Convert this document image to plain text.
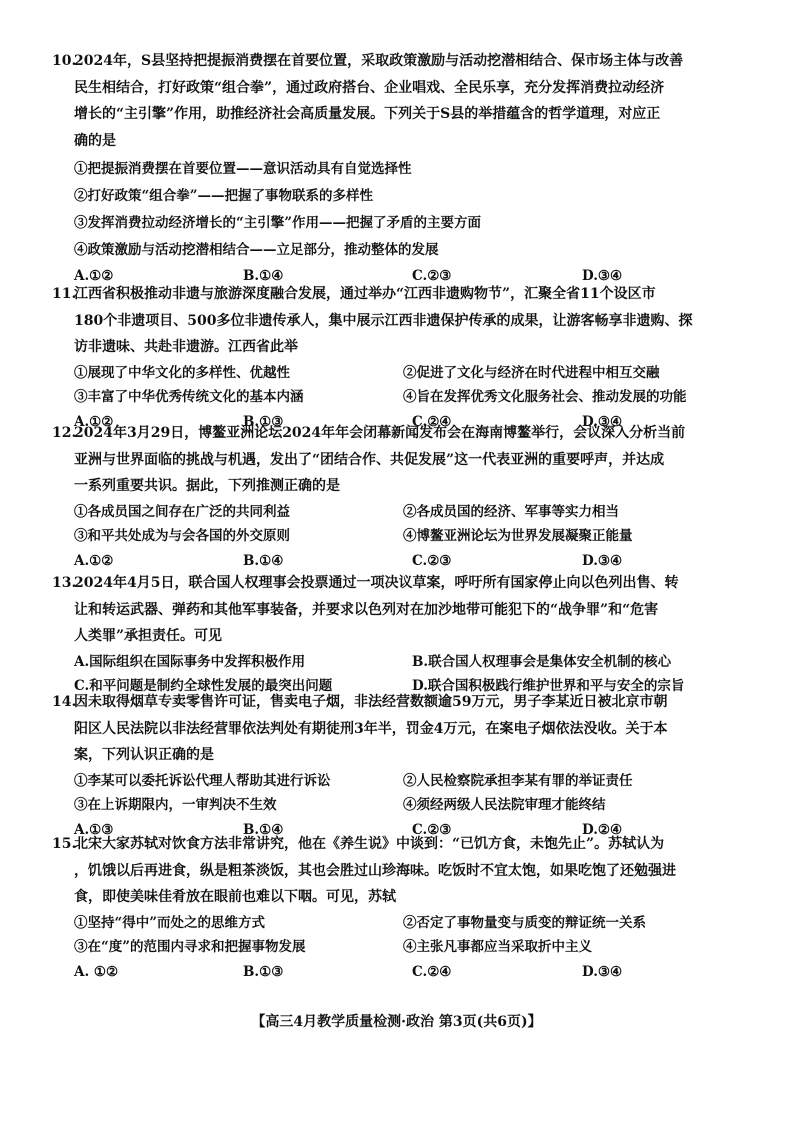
10.2024年，S县坚持把提振消费摆在首要位置，采取政策激励与活动挖潜相结合、保市场主体与改善

民生相结合，打好政策“组合拳”，通过政府搭台、企业唱戏、全民乐享，充分发挥消费拉动经济

增长的“主引擎”作用，助推经济社会高质量发展。下列关于S县的举措蕴含的哲学道理，对应正

确的是

①把提振消费摆在首要位置——意识活动具有自觉选择性
②打好政策“组合拳”——把握了事物联系的多样性
③发挥消费拉动经济增长的“主引擎”作用——把握了矛盾的主要方面
④政策激励与活动挖潜相结合——立足部分，推动整体的发展
A.①②	B.①④	C.②③	D.③④

11.江西省积极推动非遗与旅游深度融合发展，通过举办“江西非遗购物节”，汇聚全省11个设区市

180个非遗项目、500多位非遗传承人，集中展示江西非遗保护传承的成果，让游客畅享非遗购、探

访非遗味、共赴非遗游。江西省此举

①展现了中华文化的多样性、优越性	②促进了文化与经济在时代进程中相互交融
③丰富了中华优秀传统文化的基本内涵	④旨在发挥优秀文化服务社会、推动发展的功能
A.①②	B.①③	C.②④	D.③④

12.2024年3月29日，博鳌亚洲论坛2024年年会闭幕新闻发布会在海南博鳌举行，会议深入分析当前

亚洲与世界面临的挑战与机遇，发出了“团结合作、共促发展”这一代表亚洲的重要呼声，并达成

一系列重要共识。据此，下列推测正确的是

①各成员国之间存在广泛的共同利益	②各成员国的经济、军事等实力相当
③和平共处成为与会各国的外交原则	④博鳌亚洲论坛为世界发展凝聚正能量
A.①②	B.①④	C.②③	D.③④

13.2024年4月5日，联合国人权理事会投票通过一项决议草案，呼吁所有国家停止向以色列出售、转

让和转运武器、弹药和其他军事装备，并要求以色列对在加沙地带可能犯下的“战争罪”和“危害

人类罪”承担责任。可见

A.国际组织在国际事务中发挥积极作用	B.联合国人权理事会是集体安全机制的核心
C.和平问题是制约全球性发展的最突出问题	D.联合国积极践行维护世界和平与安全的宗旨

14.因未取得烟草专卖零售许可证，售卖电子烟，非法经营数额逾59万元，男子李某近日被北京市朝

阳区人民法院以非法经营罪依法判处有期徒刑3年半，罚金4万元，在案电子烟依法没收。关于本

案，下列认识正确的是

①李某可以委托诉讼代理人帮助其进行诉讼	②人民检察院承担李某有罪的举证责任
③在上诉期限内，一审判决不生效	④须经两级人民法院审理才能终结
A.①③	B.①④	C.②③	D.②④

15.北宋大家苏轼对饮食方法非常讲究，他在《养生说》中谈到：“已饥方食，未饱先止”。苏轼认为

，饥饿以后再进食，纵是粗茶淡饭，其也会胜过山珍海味。吃饭时不宜太饱，如果吃饱了还勉强进

食，即使美味佳肴放在眼前也难以下咽。可见，苏轼

①坚持“得中”而处之的思维方式	②否定了事物量变与质变的辩证统一关系
③在“度”的范围内寻求和把握事物发展	④主张凡事都应当采取折中主义
A. ①②	B.①③	C.②④	D.③④
【高三4月教学质量检测·政治 第3页(共6页)】
